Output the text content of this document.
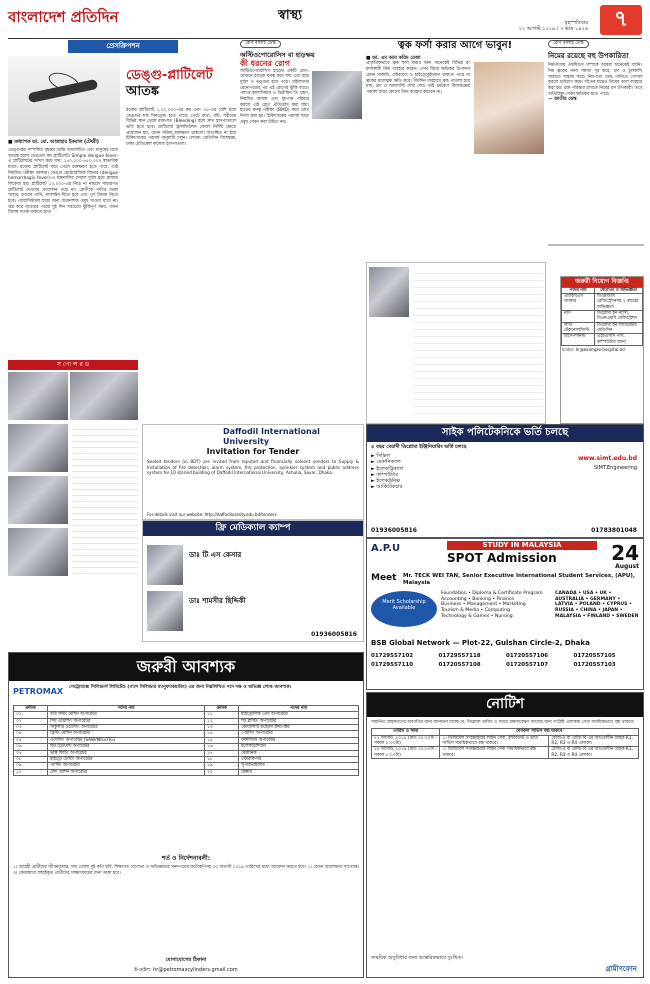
বাংলাদেশ প্রতিদিন	স্বাস্থ্য	বৃহস্পতিবার
২২ আগস্ট ২০১৯ । ৭ ভাদ্র ১৪২৬	৭
প্রেসক্রিপশন
ডেঙ্গু-প্লাটিলেট
আতঙ্ক
■ অধ্যাপক ডা. মো. আতাহার ইকবাল (টেংরী)
ডেঙ্গুজ্বর সম্পর্কিত বৃহত্তম ভ্রান্তি আলোচিত এবং মানুষের মধ্যে আতঙ্ক হলো ডেঙ্গুর কম প্লাটিলেট। Simple dengue fever-এ প্লাটিলেটের সংখ্যা কমে যায়; ১৫০,০০০-৪৫০,০০০ স্বাভাবিক মাত্রা। রক্তের প্লাটিলেট কমে গেলে রক্তক্ষরণ হতে পারে, তাই নিয়মিত পরীক্ষা দরকার। ডেঙ্গু হেমোরেজিক ফিভার (dengue hemorrhagic fever)-এ রক্তনালির দেয়াল দুর্বল হয়ে প্লাজমা লিকেজ হয়। প্লাটিলেট ১০,০০০-এর নিচে না নামলে সাধারণত প্লাটিলেট দেওয়ার প্রয়োজন পড়ে না। রোগীকে পর্যাপ্ত তরল খাবার, ডাবের পানি, স্যালাইন দিতে হবে এবং পূর্ণ বিশ্রাম নিতে হবে। প্যারাসিটামল ছাড়া অন্য ব্যথানাশক ওষুধ খাওয়া যাবে না। জ্বর কমে যাওয়ার পরের দুই দিন সবচেয়ে ঝুঁকিপূর্ণ সময়, তখন বিশেষ সতর্ক থাকতে হবে।
রক্তের প্লাটিলেট ১,০০,০০০-এর কম এবং ৩৫-এর বেশি হলে ডেঙ্গুর শক সিনড্রোম হতে পারে। পেটে ব্যথা, বমি, শরীরের বিভিন্ন স্থান থেকে রক্তপাত (Bleeding) হলে দ্রুত হাসপাতালে ভর্তি হতে হবে। প্লাটিলেট ট্রান্সফিউশন কেবল নির্দিষ্ট ক্ষেত্রে প্রয়োজন হয়, যেমন সক্রিয় রক্তক্ষরণ থাকলে। আতঙ্কিত না হয়ে চিকিৎসকের পরামর্শ অনুযায়ী চলুন। লেখক: মেডিসিন বিশেষজ্ঞ, ঢাকা মেডিকেল কলেজ হাসপাতাল।
রোগ বালাই ডেস্ক
অস্টিওপোরোসিস বা হাড়ক্ষয়
কী ধরনের রোগ
অস্টিওপোরোসিস হাড়ের একটি রোগ, যেখানে হাড়ের ঘনত্ব কমে যায় এবং হাড় দুর্বল ও ভঙ্গুর হয়ে পড়ে। মহিলাদের মেনোপজের পর এই রোগের ঝুঁকি বাড়ে। পর্যাপ্ত ক্যালসিয়াম ও ভিটামিন ডি গ্রহণ, নিয়মিত ব্যায়াম এবং ধূমপান পরিহার করলে এই রোগ প্রতিরোধ করা যায়। হাড়ের ঘনত্ব পরীক্ষা (BMD) করে রোগ নির্ণয় করা হয়। চিকিৎসকের পরামর্শ ছাড়া ওষুধ সেবন করা উচিত নয়।
ত্বক ফর্সা করার আগে ভাবুন!
■ ডা. এম আর করিম রেজা
প্রাকৃতিকভাবে ত্বক ফর্সা করার জন্য অনেকেই বিভিন্ন রং ফর্সাকারী ক্রিম ব্যবহার করেন। এসব ক্রিমে ক্ষতিকর উপাদান যেমন মার্কারি, স্টেরয়েড ও হাইড্রোকুইনোন থাকতে পারে যা ত্বকের মারাত্মক ক্ষতি করে। দীর্ঘদিন ব্যবহারে ত্বক পাতলা হয়ে যায়, ব্রণ ও অ্যালার্জি দেখা দেয়। তাই চর্মরোগ বিশেষজ্ঞের পরামর্শ ছাড়া কোনো ক্রিম ব্যবহার করবেন না।
রোগ বালাই ডেস্ক
নিমের রয়েছে বহু উপকারিতা
নিমপাতায় ঔষধিগুণ সম্পর্কে আমরা অনেকেই জানি। নিম ত্বকের নানা সমস্যা দূর করে, ব্রণ ও চুলকানি সারাতে সাহায্য করে। নিমপাতা সেদ্ধ পানিতে গোসল করলে চর্মরোগ কমে। দাঁতের যত্নেও নিমের ডাল ব্যবহার করা হয়। রক্ত পরিষ্কার রাখতে নিমের রস উপকারী। তবে অতিরিক্ত সেবন ক্ষতিকর হতে পারে।
— জাতীয় ডেস্ক
জরুরী নিয়োগ বিজ্ঞপ্তি
পদের নাম	যোগ্যতা ও অভিজ্ঞতা
এমবিবিএস ডাক্তার	বিএমডিসি রেজিস্ট্রেশনসহ ২ বছরের অভিজ্ঞতা
নার্স	ডিপ্লোমা ইন নার্সিং, বিএনএমসি রেজিস্ট্রেশন
ল্যাব টেকনোলজিস্ট	ডিপ্লোমা ইন ল্যাবরেটরি মেডিসিন
রিসেপশনিস্ট	এইচএসসি পাস, কম্পিউটার জানা
ইমেইল: hr@example-hospital.bd
স পো ন্স র ড
Daffodil International University
Invitation for Tender
Sealed tenders (in BDT) are invited from reputed and financially solvent vendors to Supply & Installation of fire detection, alarm system, fire protection, sprinkler system and public address system for 10 storied building of Daffodil International University, Ashulia, Savar, Dhaka.
For details visit our website: http://daffodilvarsity.edu.bd/tenders
সাইক পলিটেকনিকে ভর্তি চলছে
৪ বছর মেয়াদী ডিপ্লোমা ইঞ্জিনিয়ারিং ভর্তি চলছে
► সিভিল
► মেকানিক্যাল
► ইলেকট্রিক্যাল
► কম্পিউটার
► ইলেকট্রনিক্স
► আর্কিটেকচার
www.simt.edu.bd
SIMT.Engineering
01936005816	01783801048
ফ্রি মেডিক্যাল ক্যাম্প
ডাঃ টি এস কেসার
ডাঃ শামসীর ছিদ্দিকী
01936005816
A.P.U	STUDY IN MALAYSIA
SPOT Admission	24
August
Meet Mr. TECK WEI TAN, Senior Executive International Student Services, (APU), Malaysia
Merit Scholarship Available
Foundation • Diploma & Certificate Program
Accounting • Banking • Finance
Business • Management • Marketing
Tourism & Media • Computing
Technology & Games • Nursing
CANADA • USA • UK • AUSTRALIA • GERMANY • LATVIA • POLAND • CYPRUS • RUSSIA • CHINA • JAPAN • MALAYSIA • FINLAND • SWEDEN
BSB Global Network — Plot-22, Gulshan Circle-2, Dhaka
01729557102	01729557118	01720557106	01720557105
01729557110	01720557108	01720557107	01720557103
জরুরী আবশ্যক
PETROMAX পেট্রোম্যাক্স সিলিন্ডার্স লিমিটেড (গ্যাস সিলিন্ডার ম্যানুফ্যাকচারিং) এর জন্য নিম্নলিখিত পদে দক্ষ ও অভিজ্ঞ লোক আবশ্যক।
ক্রমিক	পদের নাম	ক্রমিক	পদের নাম
০১	বডি ফর্মিং মেশিন অপারেটর	১১	হাইড্রোলিক প্রেস অপারেটর
০২	সিম ওয়েল্ডিং অপারেটর	১২	শট ব্লাস্টিং অপারেটর
০৩	সার্কুলার ওয়েল্ডিং অপারেটর	১৩	কোয়ালিটি কন্ট্রোল ইন্সপেক্টর
০৪	ট্রিমিং মেশিন অপারেটর	১৪	পেইন্টিং অপারেটর
০৫	ওয়েল্ডিং অপারেটর (SAW/MIG/TIG)	১৫	ফর্কলিফট অপারেটর
০৬	হিট ট্রিটমেন্ট অপারেটর	১৬	ইলেকট্রিশিয়ান
০৭	ভাল্ব ফিটিং অপারেটর	১৭	মেকানিক
০৮	হাইড্রো টেস্টিং অপারেটর	১৮	স্টোরকিপার
০৯	প্যাকিং অপারেটর	১৯	সুপারভাইজার
১০	লেদ মেশিন অপারেটর	২০	হেল্পার
শর্ত ও নির্দেশনাবলী:
১। আগ্রহী প্রার্থীদের জীবনবৃত্তান্ত, সদ্য তোলা দুই কপি ছবি, শিক্ষাগত যোগ্যতা ও অভিজ্ঞতার সনদপত্রের ফটোকপিসহ ৩০ আগস্ট ২০১৯ তারিখের মধ্যে আবেদন করতে হবে। ২। বেতন আলোচনা সাপেক্ষে। ৩। কেবলমাত্র বাছাইকৃত প্রার্থীদের সাক্ষাৎকারের জন্য ডাকা হবে।
যোগাযোগের ঠিকানা
ই-মেইল: hr@petromaxcylinders.gmail.com
নোটিশ
সম্মানিত গ্রাহকগণের অবগতির জন্য জানানো যাচ্ছে যে, নিম্নোক্ত তারিখ ও সময়ে রক্ষণাবেক্ষণ কাজের জন্য সংশ্লিষ্ট এলাকায় সেবা সাময়িকভাবে বন্ধ থাকবে।
তারিখ ও সময়	যেসকল সার্ভিস বন্ধ থাকবে	
২২ আগস্ট, ২০১৯ (রাত ০০:০০টা - সকাল ৮:০০টা)	১। ডিজিটাল সাবস্ক্রাইবার লাইন সেবা, ইন্টারনেট ও ডাটা সার্ভিস সাময়িকভাবে বন্ধ থাকবে।	রেজি-এ বা রেজি-বি এর আওতাধীন গ্রাহক R1, R2, R3 ও R4 এলাকা।
২৪ আগস্ট, ২০১৯ (রাত ০০:০০টা - সকাল ৮:০০টা)	১। ডিজিটাল সাবস্ক্রাইবার লাইন সেবা সাময়িকভাবে বন্ধ থাকবে।	রেজি-এ বা রেজি-বি এর আওতাধীন গ্রাহক R1, R2, R3 ও R4 এলাকা।
সাময়িক অসুবিধার জন্য আন্তরিকভাবে দুঃখিত।
গ্রামীণফোন
